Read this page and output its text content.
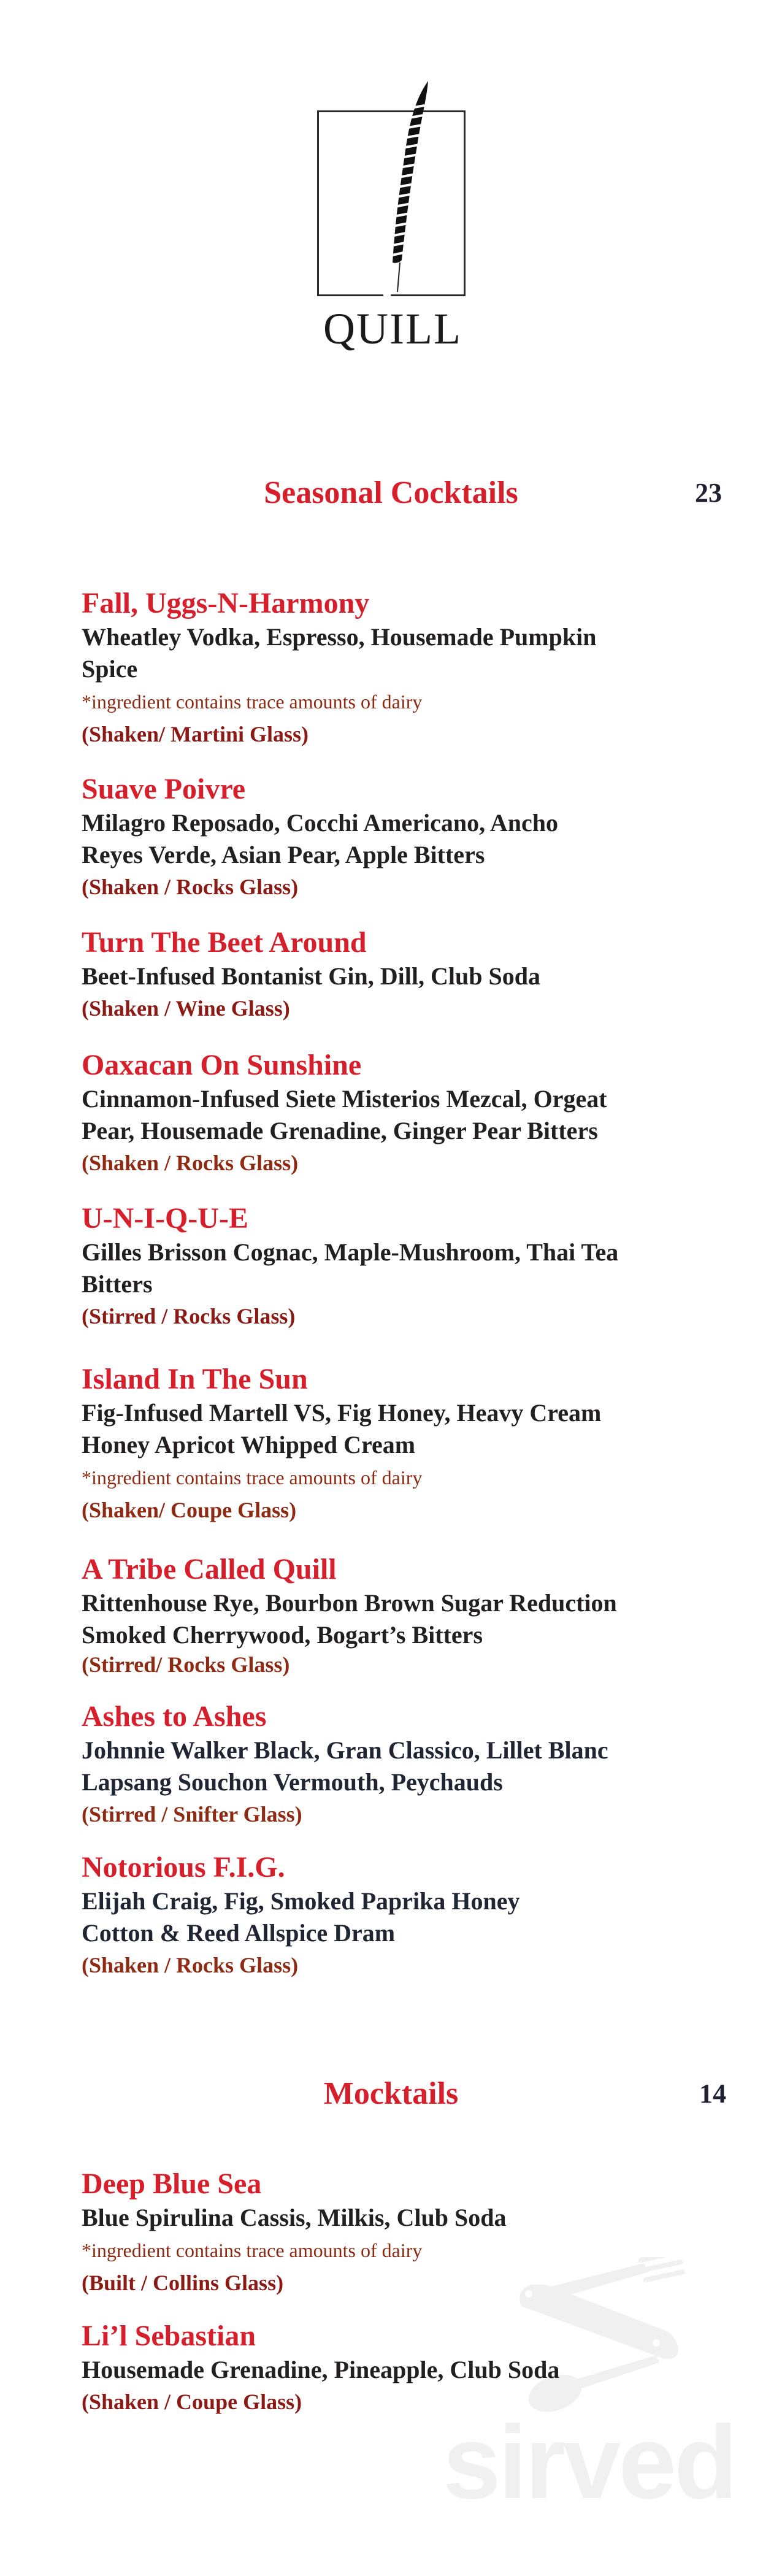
QUILL
Seasonal Cocktails	23

Fall, Uggs-N-Harmony

Wheatley Vodka, Espresso, Housemade Pumpkin

Spice

*ingredient contains trace amounts of dairy

(Shaken/ Martini Glass)

Suave Poivre

Milagro Reposado, Cocchi Americano, Ancho

Reyes Verde, Asian Pear, Apple Bitters

(Shaken / Rocks Glass)

Turn The Beet Around

Beet-Infused Bontanist Gin, Dill, Club Soda

(Shaken / Wine Glass)

Oaxacan On Sunshine

Cinnamon-Infused Siete Misterios Mezcal, Orgeat

Pear, Housemade Grenadine, Ginger Pear Bitters

(Shaken / Rocks Glass)

U-N-I-Q-U-E

Gilles Brisson Cognac, Maple-Mushroom, Thai Tea

Bitters

(Stirred / Rocks Glass)

Island In The Sun

Fig-Infused Martell VS, Fig Honey, Heavy Cream

Honey Apricot Whipped Cream

*ingredient contains trace amounts of dairy

(Shaken/ Coupe Glass)

A Tribe Called Quill

Rittenhouse Rye, Bourbon Brown Sugar Reduction

Smoked Cherrywood, Bogart’s Bitters

(Stirred/ Rocks Glass)

Ashes to Ashes

Johnnie Walker Black, Gran Classico, Lillet Blanc

Lapsang Souchon Vermouth, Peychauds

(Stirred / Snifter Glass)

Notorious F.I.G.

Elijah Craig, Fig, Smoked Paprika Honey

Cotton & Reed Allspice Dram

(Shaken / Rocks Glass)

sirved
Mocktails	14

Deep Blue Sea

Blue Spirulina Cassis, Milkis, Club Soda

*ingredient contains trace amounts of dairy

(Built / Collins Glass)

Li’l Sebastian

Housemade Grenadine, Pineapple, Club Soda

(Shaken / Coupe Glass)
